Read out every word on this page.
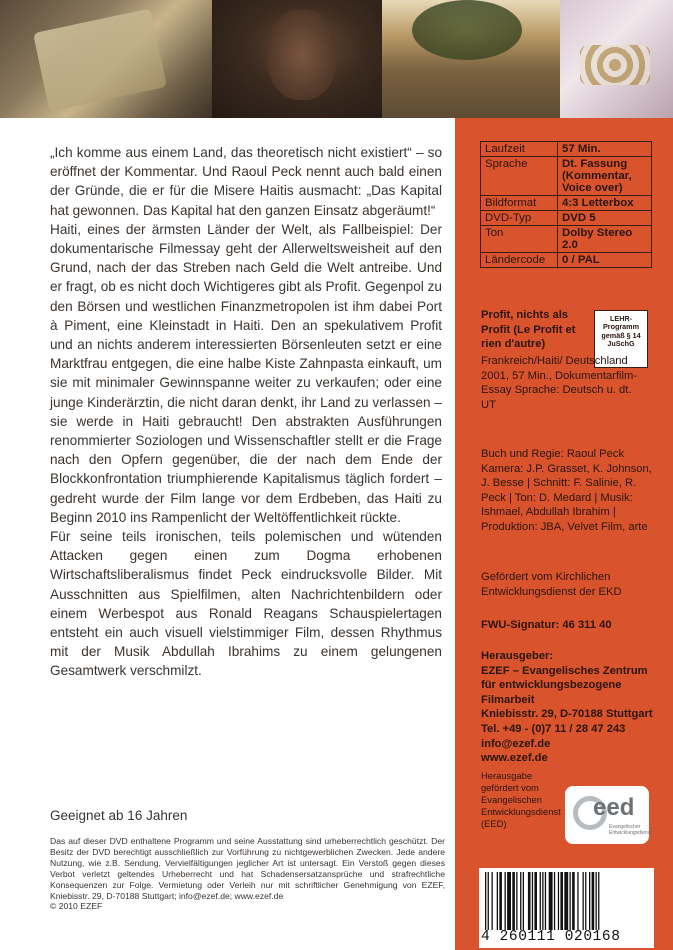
„Ich komme aus einem Land, das theoretisch nicht existiert“ – so eröffnet der Kommentar. Und Raoul Peck nennt auch bald einen der Gründe, die er für die Misere Haitis ausmacht: „Das Kapital hat gewonnen. Das Kapital hat den ganzen Einsatz abgeräumt!“

Haiti, eines der ärmsten Länder der Welt, als Fallbeispiel: Der dokumentarische Filmessay geht der Allerweltsweisheit auf den Grund, nach der das Streben nach Geld die Welt antreibe. Und er fragt, ob es nicht doch Wichtigeres gibt als Profit. Gegenpol zu den Börsen und westlichen Finanzmetropolen ist ihm dabei Port à Piment, eine Kleinstadt in Haiti. Den an spekulativem Profit und an nichts anderem interessierten Börsenleuten setzt er eine Marktfrau entgegen, die eine halbe Kiste Zahnpasta einkauft, um sie mit minimaler Gewinnspanne weiter zu verkaufen; oder eine junge Kinderärztin, die nicht daran denkt, ihr Land zu verlassen – sie werde in Haiti gebraucht! Den abstrakten Ausführungen renommierter Soziologen und Wissenschaftler stellt er die Frage nach den Opfern gegenüber, die der nach dem Ende der Blockkonfrontation triumphierende Kapitalismus täglich fordert – gedreht wurde der Film lange vor dem Erdbeben, das Haiti zu Beginn 2010 ins Rampenlicht der Weltöffentlichkeit rückte.

Für seine teils ironischen, teils polemischen und wütenden Attacken gegen einen zum Dogma erhobenen Wirtschaftsliberalismus findet Peck eindrucksvolle Bilder. Mit Ausschnitten aus Spielfilmen, alten Nachrichtenbildern oder einem Werbespot aus Ronald Reagans Schauspielertagen entsteht ein auch visuell vielstimmiger Film, dessen Rhythmus mit der Musik Abdullah Ibrahims zu einem gelungenen Gesamtwerk verschmilzt.

Geeignet ab 16 Jahren
Das auf dieser DVD enthaltene Programm und seine Ausstattung sind urheberrechtlich geschützt. Der Besitz der DVD berechtigt ausschließlich zur Vorführung zu nichtgewerblichen Zwecken. Jede andere Nutzung, wie z.B. Sendung, Vervielfältigungen jeglicher Art ist untersagt. Ein Verstoß gegen dieses Verbot verletzt geltendes Urheberrecht und hat Schadensersatzansprüche und strafrechtliche Konsequenzen zur Folge. Vermietung oder Verleih nur mit schriftlicher Genehmigung von EZEF, Kniebisstr. 29, D-70188 Stuttgart; info@ezef.de; www.ezef.de
© 2010 EZEF
Laufzeit	57 Min.
Sprache	Dt. Fassung (Kommentar, Voice over)
Bildformat	4:3 Letterbox
DVD-Typ	DVD 5
Ton	Dolby Stereo 2.0
Ländercode	0 / PAL
Profit, nichts als Profit (Le Profit et rien d'autre)
LEHR-Programm gemäß § 14 JuSchG
Frankreich/Haiti/ Deutschland 2001, 57 Min., Dokumentarfilm-Essay Sprache: Deutsch u. dt. UT
Buch und Regie: Raoul Peck Kamera: J.P. Grasset, K. Johnson, J. Besse | Schnitt: F. Salinie, R. Peck | Ton: D. Medard | Musik: Ishmael, Abdullah Ibrahim | Produktion: JBA, Velvet Film, arte
Gefördert vom Kirchlichen Entwicklungsdienst der EKD
FWU-Signatur: 46 311 40
Herausgeber:
EZEF – Evangelisches Zentrum für entwicklungsbezogene Filmarbeit
Kniebisstr. 29, D-70188 Stuttgart
Tel. +49 - (0)7 11 / 28 47 243
info@ezef.de
www.ezef.de
Herausgabe gefördert vom Evangelischen Entwicklungsdienst (EED)
eed
Evangelischer Entwicklungsdienst
4 260111 020168
